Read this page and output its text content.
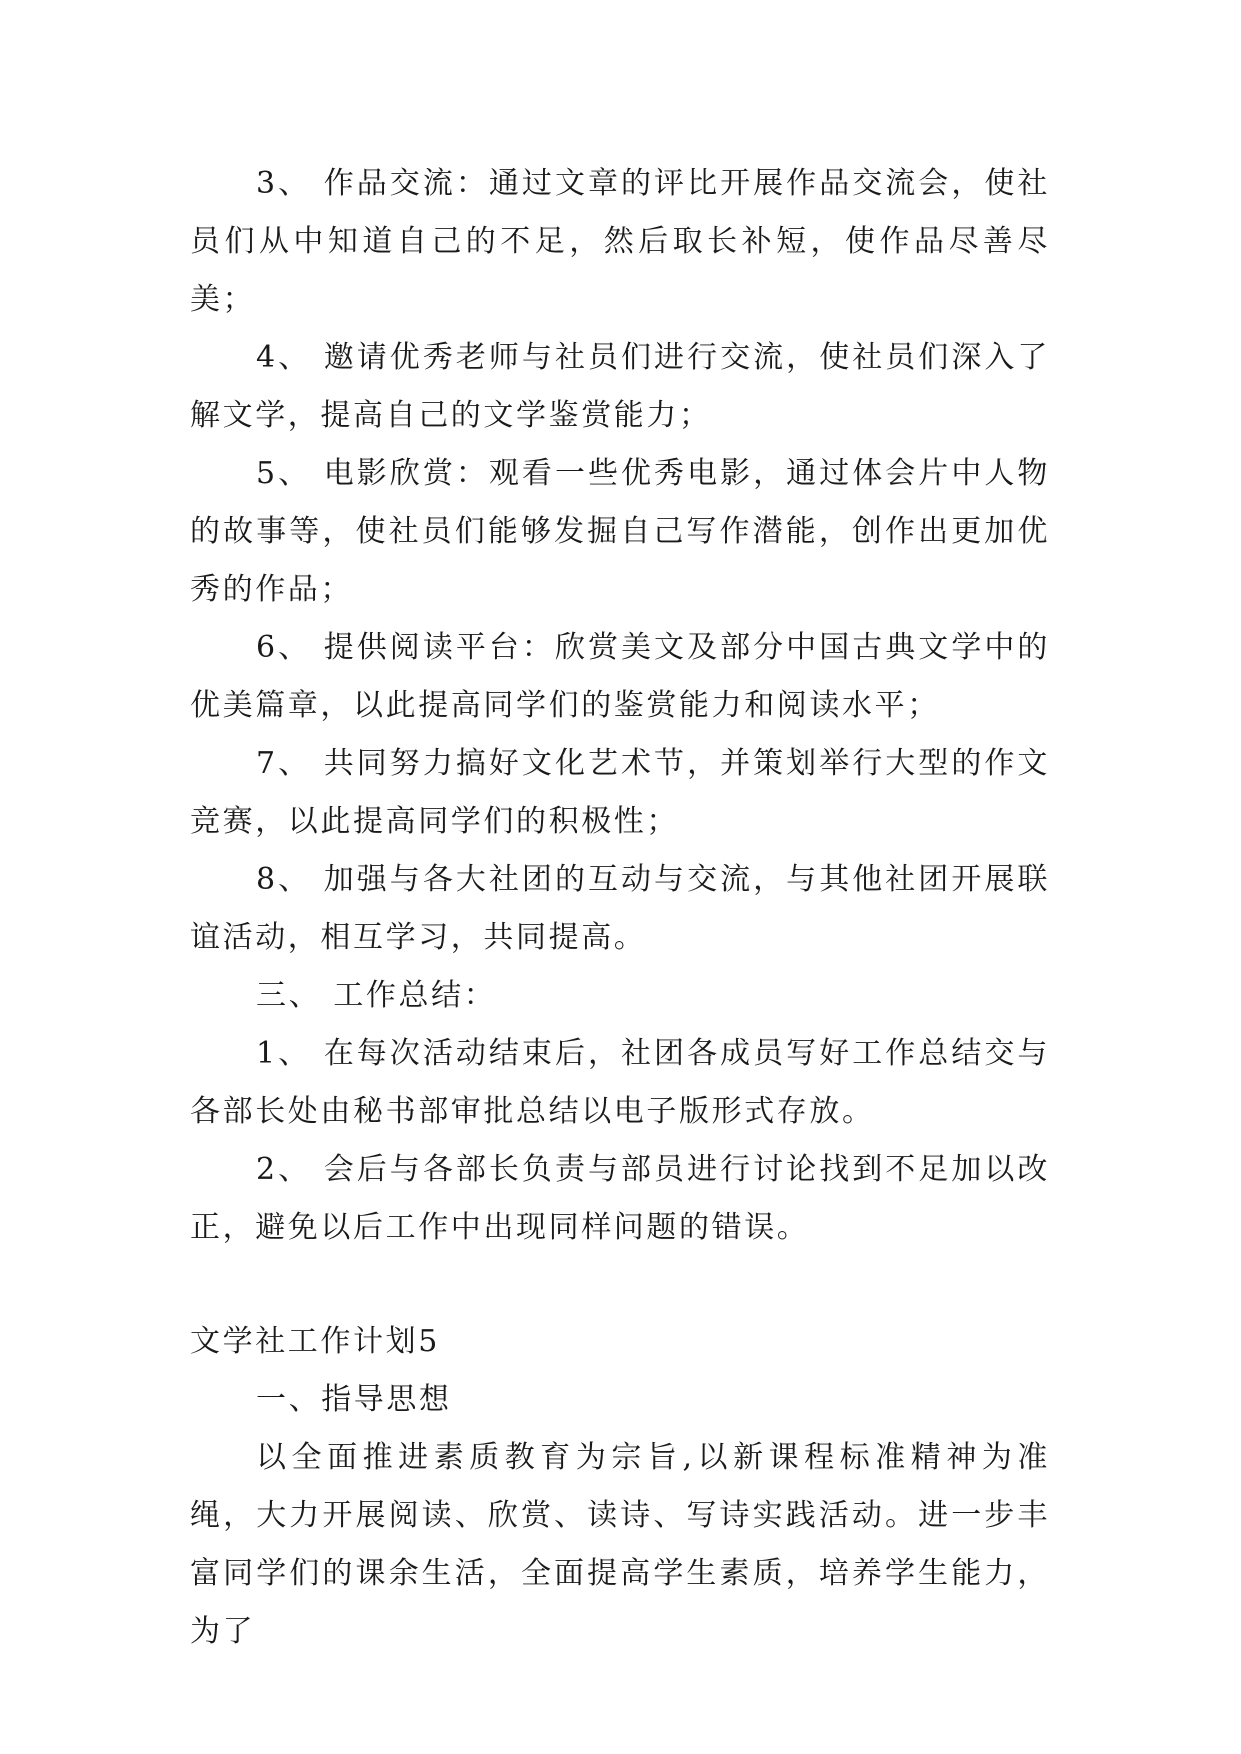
3、 作品交流：通过文章的评比开展作品交流会，使社员们从中知道自己的不足，然后取长补短，使作品尽善尽美；

4、 邀请优秀老师与社员们进行交流，使社员们深入了解文学，提高自己的文学鉴赏能力；

5、 电影欣赏：观看一些优秀电影，通过体会片中人物的故事等，使社员们能够发掘自己写作潜能，创作出更加优秀的作品；

6、 提供阅读平台：欣赏美文及部分中国古典文学中的优美篇章，以此提高同学们的鉴赏能力和阅读水平；

7、 共同努力搞好文化艺术节，并策划举行大型的作文竞赛，以此提高同学们的积极性；

8、 加强与各大社团的互动与交流，与其他社团开展联谊活动，相互学习，共同提高。

三、 工作总结：

1、 在每次活动结束后，社团各成员写好工作总结交与各部长处由秘书部审批总结以电子版形式存放。

2、 会后与各部长负责与部员进行讨论找到不足加以改正，避免以后工作中出现同样问题的错误。

文学社工作计划5

一、指导思想

以全面推进素质教育为宗旨,以新课程标准精神为准绳，大力开展阅读、欣赏、读诗、写诗实践活动。进一步丰富同学们的课余生活，全面提高学生素质，培养学生能力，为了
